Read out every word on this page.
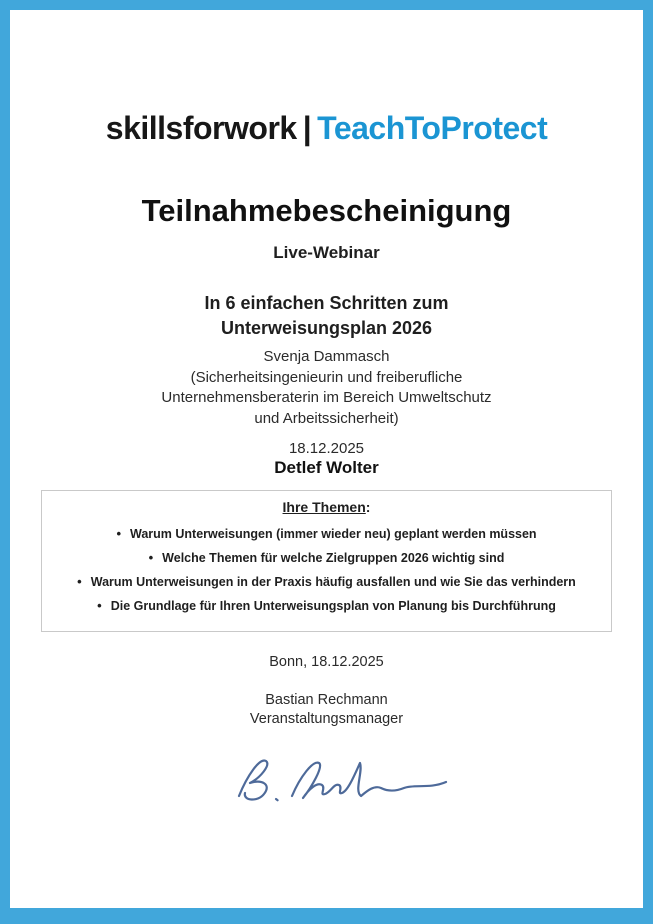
skillsforwork | TeachToProtect
Teilnahmebescheinigung
Live-Webinar
In 6 einfachen Schritten zum
Unterweisungsplan 2026
Svenja Dammasch
(Sicherheitsingenieurin und freiberufliche
Unternehmensberaterin im Bereich Umweltschutz
und Arbeitssicherheit)
18.12.2025
Detlef Wolter
Ihre Themen:
• Warum Unterweisungen (immer wieder neu) geplant werden müssen
• Welche Themen für welche Zielgruppen 2026 wichtig sind
• Warum Unterweisungen in der Praxis häufig ausfallen und wie Sie das verhindern
• Die Grundlage für Ihren Unterweisungsplan von Planung bis Durchführung
Bonn, 18.12.2025
Bastian Rechmann
Veranstaltungsmanager
